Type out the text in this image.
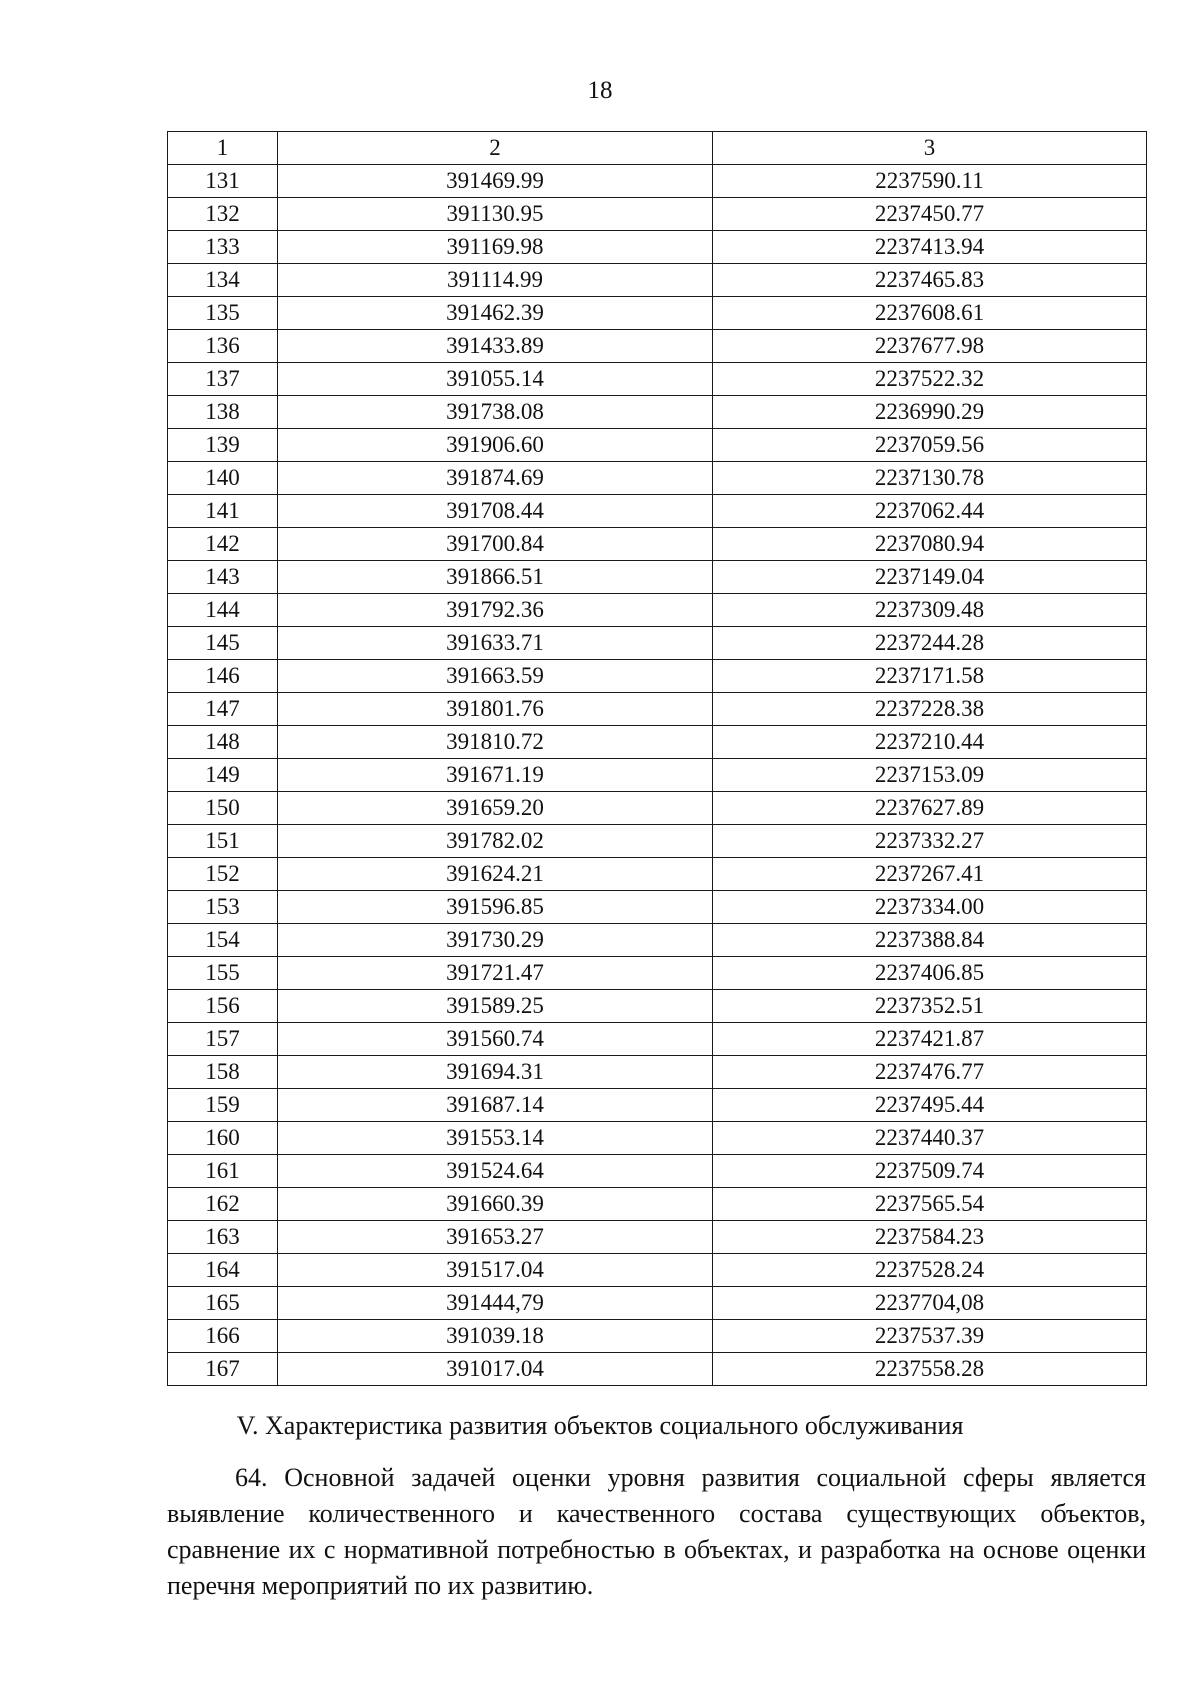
18
1	2	3
131	391469.99	2237590.11
132	391130.95	2237450.77
133	391169.98	2237413.94
134	391114.99	2237465.83
135	391462.39	2237608.61
136	391433.89	2237677.98
137	391055.14	2237522.32
138	391738.08	2236990.29
139	391906.60	2237059.56
140	391874.69	2237130.78
141	391708.44	2237062.44
142	391700.84	2237080.94
143	391866.51	2237149.04
144	391792.36	2237309.48
145	391633.71	2237244.28
146	391663.59	2237171.58
147	391801.76	2237228.38
148	391810.72	2237210.44
149	391671.19	2237153.09
150	391659.20	2237627.89
151	391782.02	2237332.27
152	391624.21	2237267.41
153	391596.85	2237334.00
154	391730.29	2237388.84
155	391721.47	2237406.85
156	391589.25	2237352.51
157	391560.74	2237421.87
158	391694.31	2237476.77
159	391687.14	2237495.44
160	391553.14	2237440.37
161	391524.64	2237509.74
162	391660.39	2237565.54
163	391653.27	2237584.23
164	391517.04	2237528.24
165	391444,79	2237704,08
166	391039.18	2237537.39
167	391017.04	2237558.28
V. Характеристика развития объектов социального обслуживания
64. Основной задачей оценки уровня развития социальной сферы является выявление количественного и качественного состава существующих объектов, сравнение их с нормативной потребностью в объектах, и разработка на основе оценки перечня мероприятий по их развитию.
